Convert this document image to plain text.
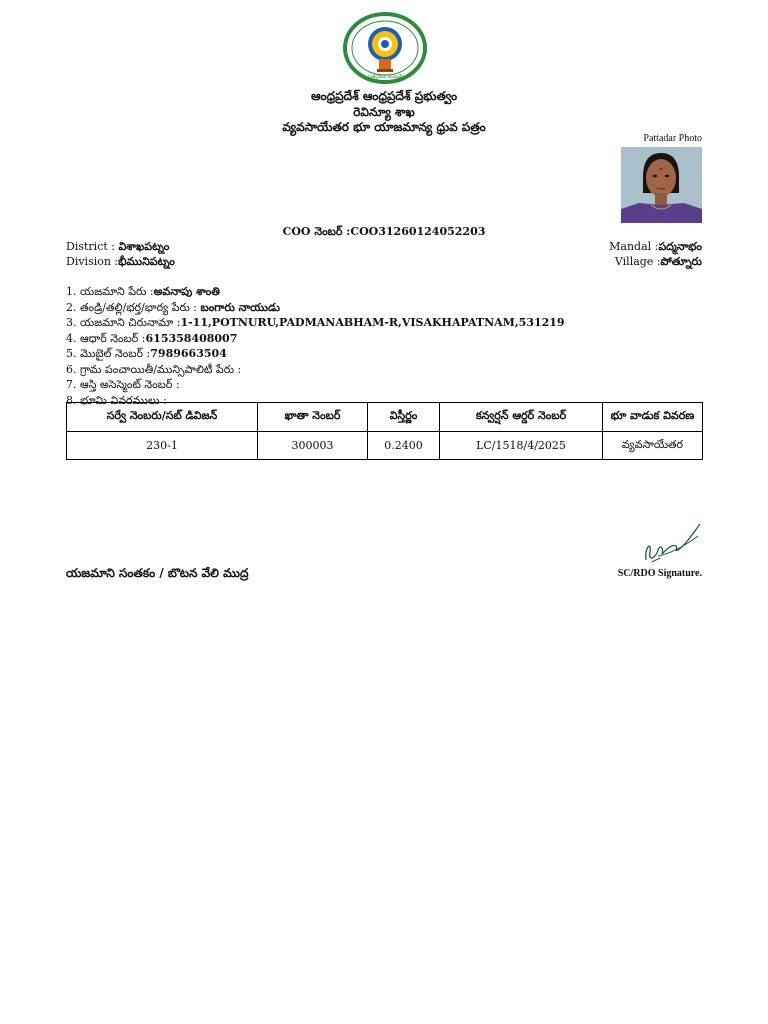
సత్యమేవ జయతే
ఆంధ్రప్రదేశ్ ఆంధ్రప్రదేశ్ ప్రభుత్వం
రెవిన్యూ శాఖ
వ్యవసాయేతర భూ యాజమాన్య ధ్రువ పత్రం
Pattadar Photo
COO నెంబర్ :COO31260124052203
District : విశాఖపట్నం	Mandal :పద్మనాభం
Division :భీమునిపట్నం	Village :పోత్నూరు
1. యజమాని పేరు :అవనాపు శాంతి
2. తండ్రి/తల్లి/భర్త/భార్య పేరు : బంగారు నాయుడు
3. యజమాని చిరునామా :1-11,POTNURU,PADMANABHAM-R,VISAKHAPATNAM,531219
4. ఆధార్ నెంబర్ :615358408007
5. మొబైల్ నెంబర్ :7989663504
6. గ్రామ పంచాయితీ/మున్సిపాలిటీ పేరు :
7. ఆస్తి అసెస్మెంట్ నెంబర్ :
8. భూమి వివరములు :
సర్వే నెంబరు/సబ్ డివిజన్	ఖాతా నెంబర్	విస్తీర్ణం	కన్వర్షన్ ఆర్డర్ నెంబర్	భూ వాడుక వివరణ
230-1	300003	0.2400	LC/1518/4/2025	వ్యవసాయేతర
యజమాని సంతకం / బొటన వేలి ముద్ర	SC/RDO Signature.
